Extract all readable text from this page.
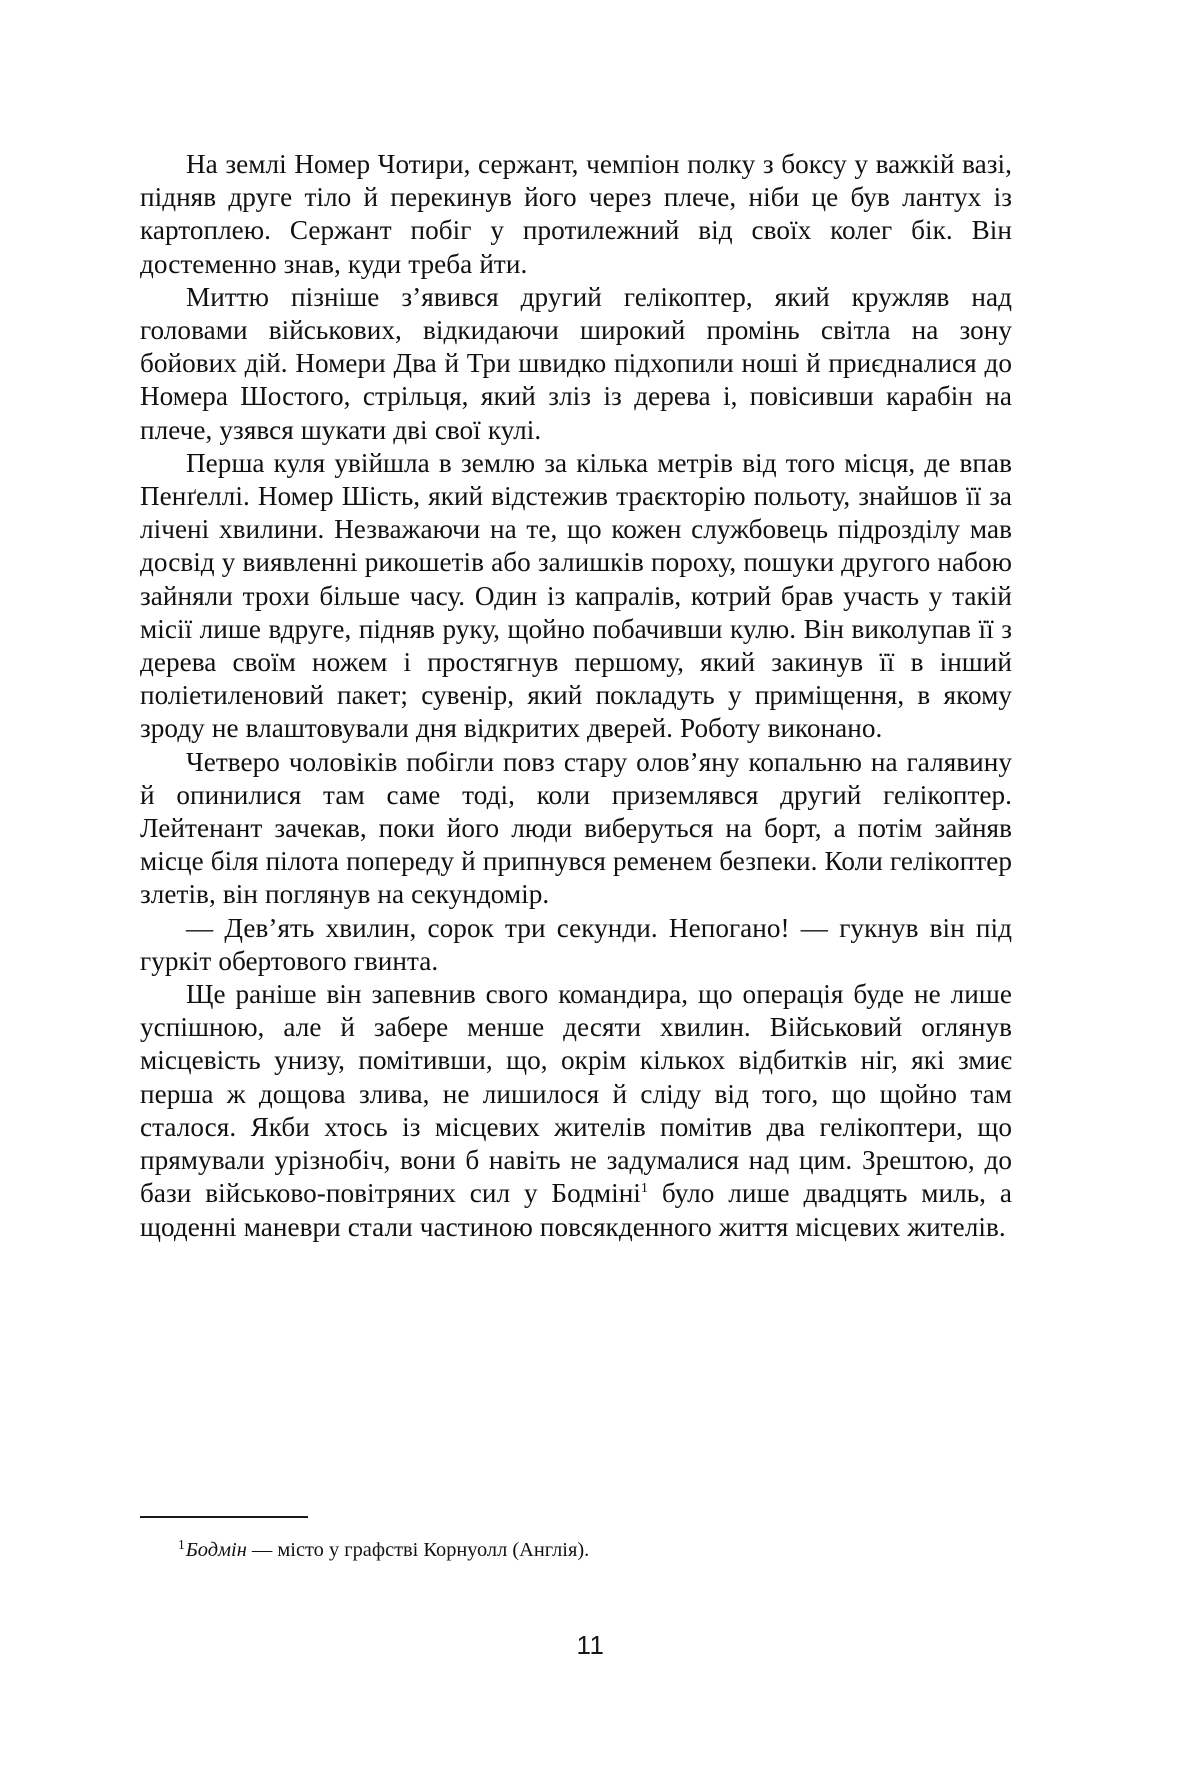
На землі Номер Чотири, сержант, чемпіон полку з боксу у важкій вазі, підняв друге тіло й перекинув його через плече, ніби це був лантух із картоплею. Сержант побіг у протилежний від своїх колег бік. Він достеменно знав, куди треба йти.

Миттю пізніше з’явився другий гелікоптер, який кружляв над головами військових, відкидаючи широкий промінь світла на зону бойових дій. Номери Два й Три швидко підхопили ноші й приєдналися до Номера Шостого, стрільця, який зліз із дерева і, повісивши карабін на плече, узявся шукати дві свої кулі.

Перша куля увійшла в землю за кілька метрів від того місця, де впав Пенґеллі. Номер Шість, який відстежив траєкторію польоту, знайшов її за лічені хвилини. Незважаючи на те, що кожен службовець підрозділу мав досвід у виявленні рикошетів або залишків пороху, пошуки другого набою зайняли трохи більше часу. Один із капралів, котрий брав участь у такій місії лише вдруге, підняв руку, щойно побачивши кулю. Він виколупав її з дерева своїм ножем і простягнув першому, який закинув її в інший поліетиленовий пакет; сувенір, який покладуть у приміщення, в якому зроду не влаштовували дня відкритих дверей. Роботу виконано.

Четверо чоловіків побігли повз стару олов’яну копальню на галявину й опинилися там саме тоді, коли приземлявся другий гелікоптер. Лейтенант зачекав, поки його люди виберуться на борт, а потім зайняв місце біля пілота попереду й припнувся ременем безпеки. Коли гелікоптер злетів, він поглянув на секундомір.

— Дев’ять хвилин, сорок три секунди. Непогано! — гукнув він під гуркіт обертового гвинта.

Ще раніше він запевнив свого командира, що операція буде не лише успішною, але й забере менше десяти хвилин. Військовий оглянув місцевість унизу, помітивши, що, окрім кількох відбитків ніг, які змиє перша ж дощова злива, не лишилося й сліду від того, що щойно там сталося. Якби хтось із місцевих жителів помітив два гелікоптери, що прямували урізнобіч, вони б навіть не задумалися над цим. Зрештою, до бази військово-повітряних сил у Бодміні$^1$ було лише двадцять миль, а щоденні маневри стали частиною повсякденного життя місцевих жителів.

$^1$Бодмін — місто у графстві Корнуолл (Англія).

11
